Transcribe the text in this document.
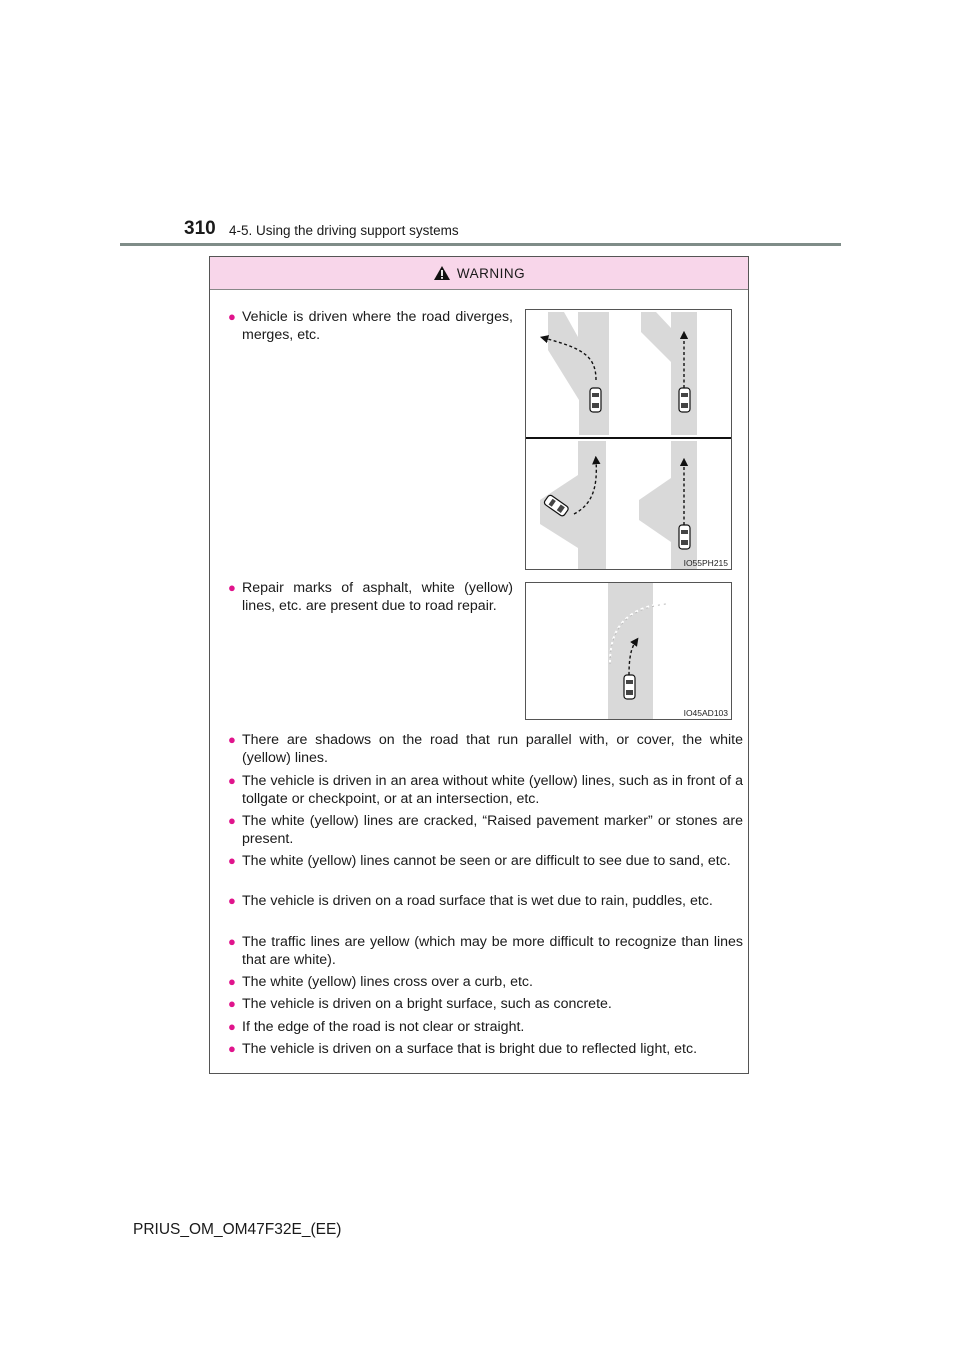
310 4-5. Using the driving support systems
WARNING
● Vehicle is driven where the road diverges, merges, etc.
IO55PH215
● Repair marks of asphalt, white (yellow) lines, etc. are present due to road repair.
IO45AD103
● There are shadows on the road that run parallel with, or cover, the white (yellow) lines.
● The vehicle is driven in an area without white (yellow) lines, such as in front of a tollgate or checkpoint, or at an intersection, etc.
● The white (yellow) lines are cracked, “Raised pavement marker” or stones are present.
● The white (yellow) lines cannot be seen or are difficult to see due to sand, etc.
● The vehicle is driven on a road surface that is wet due to rain, puddles, etc.
● The traffic lines are yellow (which may be more difficult to recognize than lines that are white).
● The white (yellow) lines cross over a curb, etc.
● The vehicle is driven on a bright surface, such as concrete.
● If the edge of the road is not clear or straight.
● The vehicle is driven on a surface that is bright due to reflected light, etc.
PRIUS_OM_OM47F32E_(EE)
